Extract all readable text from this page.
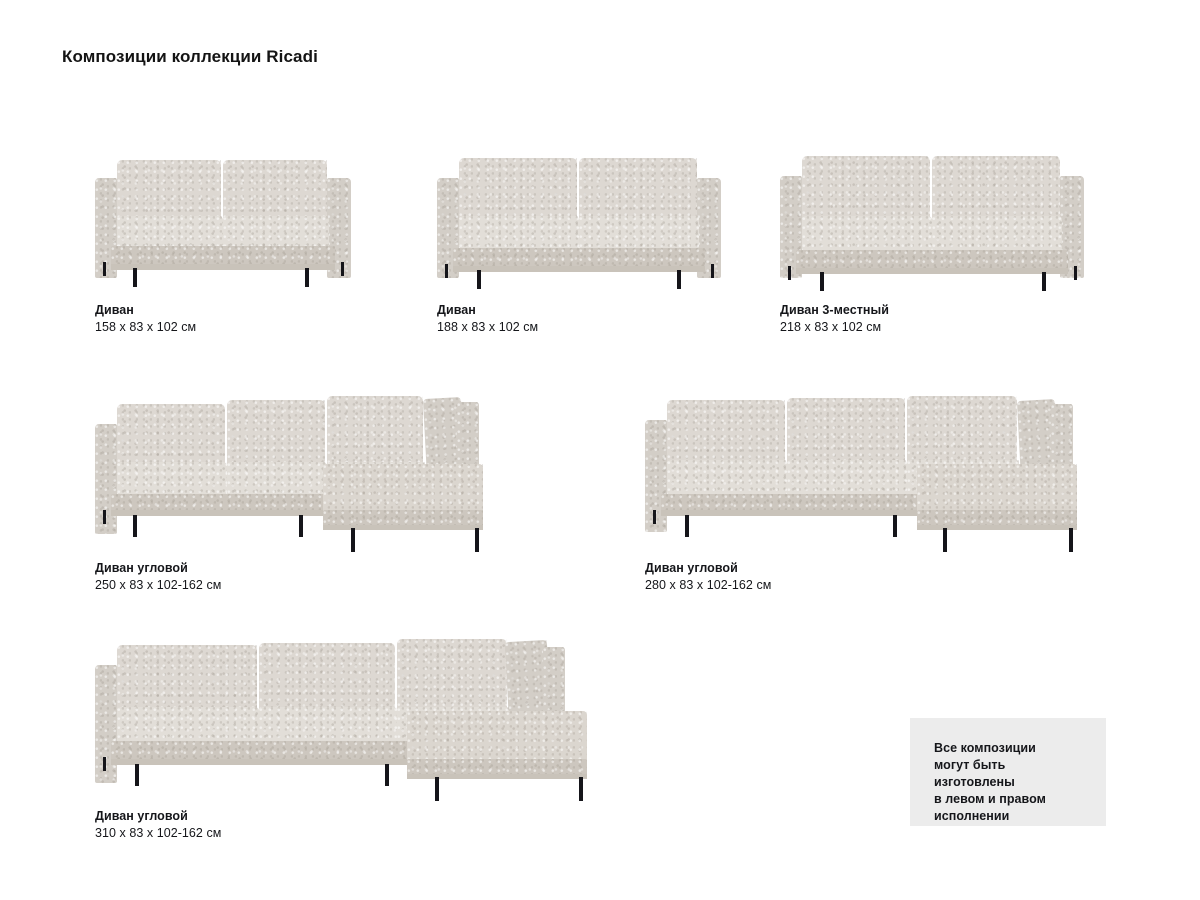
Композиции коллекции Ricadi
Диван
158 x 83 x 102 см
Диван
188 x 83 x 102 см
Диван 3-местный
218 x 83 x 102 см
Диван угловой
250 x 83 x 102-162 см
Диван угловой
280 x 83 x 102-162 см
Диван угловой
310 x 83 x 102-162 см

Все композиции

могут быть изготовлены

в левом и правом

исполнении
